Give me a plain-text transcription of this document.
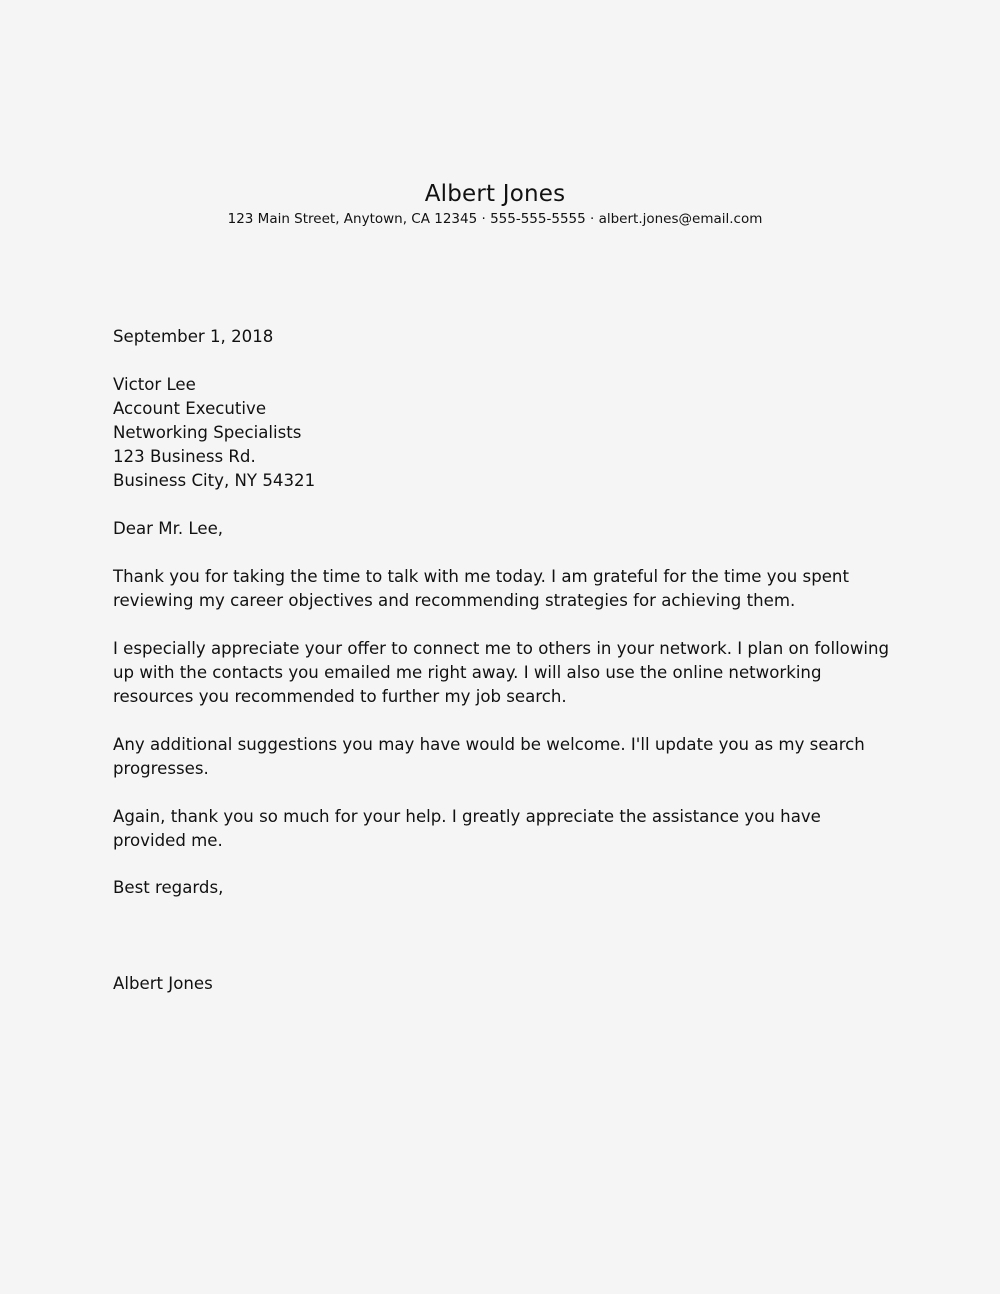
Albert Jones
123 Main Street, Anytown, CA 12345 · 555-555-5555 · albert.jones@email.com
September 1, 2018
Victor Lee
Account Executive
Networking Specialists
123 Business Rd.
Business City, NY 54321
Dear Mr. Lee,

Thank you for taking the time to talk with me today. I am grateful for the time you spent reviewing my career objectives and recommending strategies for achieving them.

I especially appreciate your offer to connect me to others in your network. I plan on following up with the contacts you emailed me right away. I will also use the online networking resources you recommended to further my job search.

Any additional suggestions you may have would be welcome. I'll update you as my search progresses.

Again, thank you so much for your help. I greatly appreciate the assistance you have provided me.

Best regards,
Albert Jones
